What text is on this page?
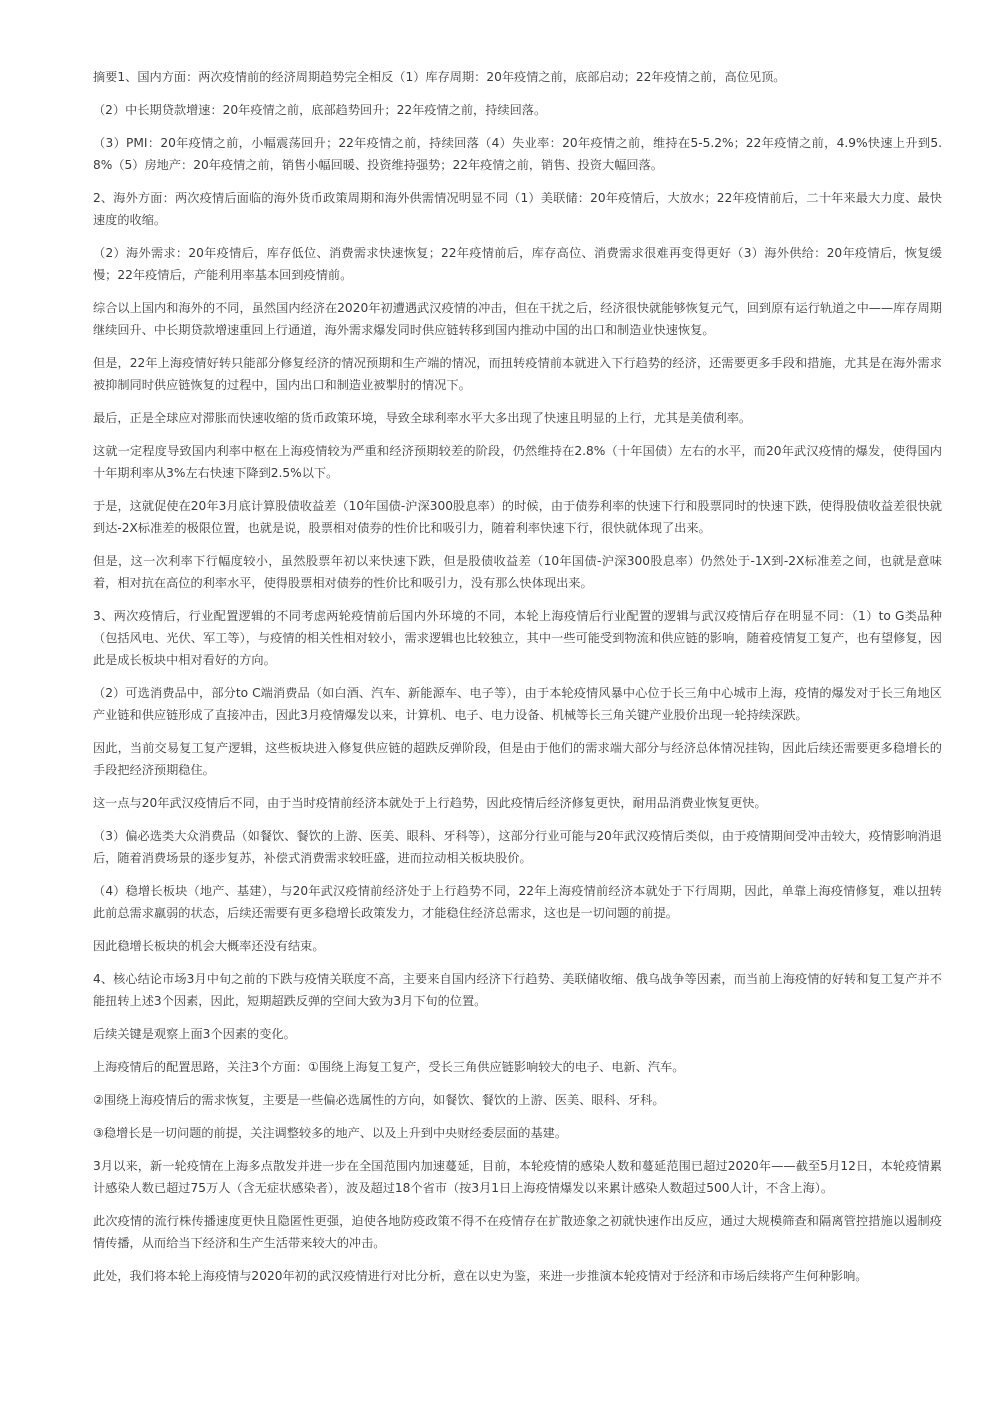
摘要1、国内方面：两次疫情前的经济周期趋势完全相反（1）库存周期：20年疫情之前，底部启动；22年疫情之前，高位见顶。

（2）中长期贷款增速：20年疫情之前，底部趋势回升；22年疫情之前，持续回落。

（3）PMI：20年疫情之前，小幅震荡回升；22年疫情之前，持续回落（4）失业率：20年疫情之前，维持在5-5.2%；22年疫情之前，4.9%快速上升到5.8%（5）房地产：20年疫情之前，销售小幅回暖、投资维持强势；22年疫情之前，销售、投资大幅回落。

2、海外方面：两次疫情后面临的海外货币政策周期和海外供需情况明显不同（1）美联储：20年疫情后，大放水；22年疫情前后，二十年来最大力度、最快速度的收缩。

（2）海外需求：20年疫情后，库存低位、消费需求快速恢复；22年疫情前后，库存高位、消费需求很难再变得更好（3）海外供给：20年疫情后，恢复缓慢；22年疫情后，产能利用率基本回到疫情前。

综合以上国内和海外的不同，虽然国内经济在2020年初遭遇武汉疫情的冲击，但在干扰之后，经济很快就能够恢复元气，回到原有运行轨道之中——库存周期继续回升、中长期贷款增速重回上行通道，海外需求爆发同时供应链转移到国内推动中国的出口和制造业快速恢复。

但是，22年上海疫情好转只能部分修复经济的情况预期和生产端的情况，而扭转疫情前本就进入下行趋势的经济，还需要更多手段和措施，尤其是在海外需求被抑制同时供应链恢复的过程中，国内出口和制造业被掣肘的情况下。

最后，正是全球应对滞胀而快速收缩的货币政策环境，导致全球利率水平大多出现了快速且明显的上行，尤其是美债利率。

这就一定程度导致国内利率中枢在上海疫情较为严重和经济预期较差的阶段，仍然维持在2.8%（十年国债）左右的水平，而20年武汉疫情的爆发，使得国内十年期利率从3%左右快速下降到2.5%以下。

于是，这就促使在20年3月底计算股债收益差（10年国债-沪深300股息率）的时候，由于债券利率的快速下行和股票同时的快速下跌，使得股债收益差很快就到达-2X标准差的极限位置，也就是说，股票相对债券的性价比和吸引力，随着利率快速下行，很快就体现了出来。

但是，这一次利率下行幅度较小，虽然股票年初以来快速下跌，但是股债收益差（10年国债-沪深300股息率）仍然处于-1X到-2X标准差之间，也就是意味着，相对抗在高位的利率水平，使得股票相对债券的性价比和吸引力，没有那么快体现出来。

3、两次疫情后，行业配置逻辑的不同考虑两轮疫情前后国内外环境的不同，本轮上海疫情后行业配置的逻辑与武汉疫情后存在明显不同：（1）to G类品种（包括风电、光伏、军工等），与疫情的相关性相对较小，需求逻辑也比较独立，其中一些可能受到物流和供应链的影响，随着疫情复工复产，也有望修复，因此是成长板块中相对看好的方向。

（2）可选消费品中，部分to C端消费品（如白酒、汽车、新能源车、电子等），由于本轮疫情风暴中心位于长三角中心城市上海，疫情的爆发对于长三角地区产业链和供应链形成了直接冲击，因此3月疫情爆发以来，计算机、电子、电力设备、机械等长三角关键产业股价出现一轮持续深跌。

因此，当前交易复工复产逻辑，这些板块进入修复供应链的超跌反弹阶段，但是由于他们的需求端大部分与经济总体情况挂钩，因此后续还需要更多稳增长的手段把经济预期稳住。

这一点与20年武汉疫情后不同，由于当时疫情前经济本就处于上行趋势，因此疫情后经济修复更快，耐用品消费业恢复更快。

（3）偏必选类大众消费品（如餐饮、餐饮的上游、医美、眼科、牙科等），这部分行业可能与20年武汉疫情后类似，由于疫情期间受冲击较大，疫情影响消退后，随着消费场景的逐步复苏，补偿式消费需求较旺盛，进而拉动相关板块股价。

（4）稳增长板块（地产、基建），与20年武汉疫情前经济处于上行趋势不同，22年上海疫情前经济本就处于下行周期，因此，单靠上海疫情修复，难以扭转此前总需求羸弱的状态，后续还需要有更多稳增长政策发力，才能稳住经济总需求，这也是一切问题的前提。

因此稳增长板块的机会大概率还没有结束。

4、核心结论市场3月中旬之前的下跌与疫情关联度不高，主要来自国内经济下行趋势、美联储收缩、俄乌战争等因素，而当前上海疫情的好转和复工复产并不能扭转上述3个因素，因此，短期超跌反弹的空间大致为3月下旬的位置。

后续关键是观察上面3个因素的变化。

上海疫情后的配置思路，关注3个方面：①围绕上海复工复产，受长三角供应链影响较大的电子、电新、汽车。

②围绕上海疫情后的需求恢复，主要是一些偏必选属性的方向，如餐饮、餐饮的上游、医美、眼科、牙科。

③稳增长是一切问题的前提，关注调整较多的地产、以及上升到中央财经委层面的基建。

3月以来，新一轮疫情在上海多点散发并进一步在全国范围内加速蔓延，目前，本轮疫情的感染人数和蔓延范围已超过2020年——截至5月12日，本轮疫情累计感染人数已超过75万人（含无症状感染者），波及超过18个省市（按3月1日上海疫情爆发以来累计感染人数超过500人计，不含上海）。

此次疫情的流行株传播速度更快且隐匿性更强，迫使各地防疫政策不得不在疫情存在扩散迹象之初就快速作出反应，通过大规模筛查和隔离管控措施以遏制疫情传播，从而给当下经济和生产生活带来较大的冲击。

此处，我们将本轮上海疫情与2020年初的武汉疫情进行对比分析，意在以史为鉴，来进一步推演本轮疫情对于经济和市场后续将产生何种影响。
